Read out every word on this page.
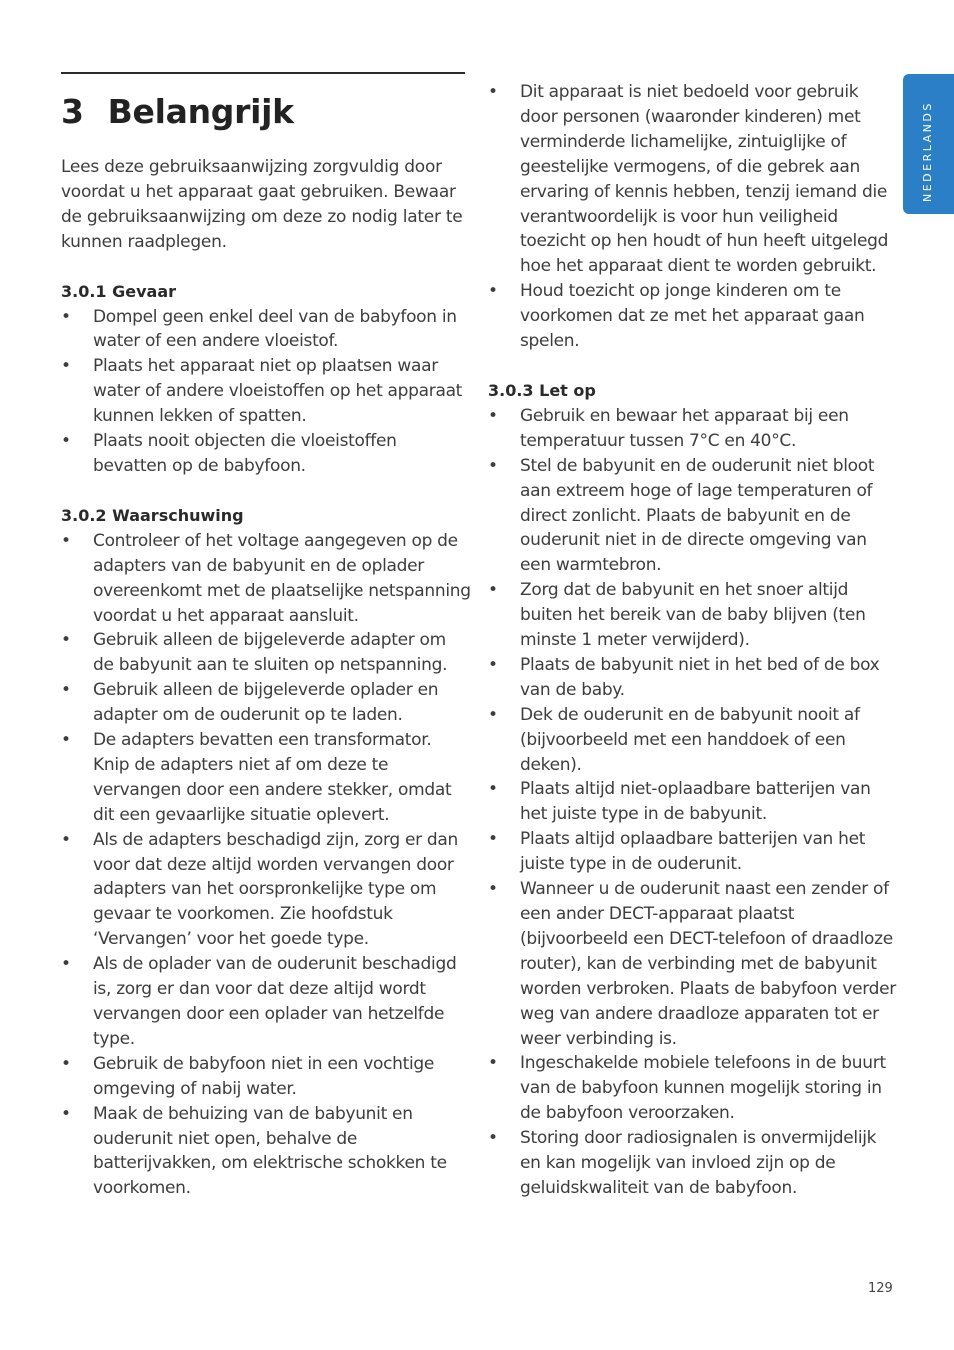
3 Belangrijk

Lees deze gebruiksaanwijzing zorgvuldig door voordat u het apparaat gaat gebruiken. Bewaar de gebruiksaanwijzing om deze zo nodig later te kunnen raadplegen.

3.0.1 Gevaar

• Dompel geen enkel deel van de babyfoon in water of een andere vloeistof.
• Plaats het apparaat niet op plaatsen waar water of andere vloeistoffen op het apparaat kunnen lekken of spatten.
• Plaats nooit objecten die vloeistoffen bevatten op de babyfoon.

3.0.2 Waarschuwing

• Controleer of het voltage aangegeven op de adapters van de babyunit en de oplader overeenkomt met de plaatselijke netspanning voordat u het apparaat aansluit.
• Gebruik alleen de bijgeleverde adapter om de babyunit aan te sluiten op netspanning.
• Gebruik alleen de bijgeleverde oplader en adapter om de ouderunit op te laden.
• De adapters bevatten een transformator. Knip de adapters niet af om deze te vervangen door een andere stekker, omdat dit een gevaarlijke situatie oplevert.
• Als de adapters beschadigd zijn, zorg er dan voor dat deze altijd worden vervangen door adapters van het oorspronkelijke type om gevaar te voorkomen. Zie hoofdstuk ‘Vervangen’ voor het goede type.
• Als de oplader van de ouderunit beschadigd is, zorg er dan voor dat deze altijd wordt vervangen door een oplader van hetzelfde type.
• Gebruik de babyfoon niet in een vochtige omgeving of nabij water.
• Maak de behuizing van de babyunit en ouderunit niet open, behalve de batterijvakken, om elektrische schokken te voorkomen.
• Dit apparaat is niet bedoeld voor gebruik door personen (waaronder kinderen) met verminderde lichamelijke, zintuiglijke of geestelijke vermogens, of die gebrek aan ervaring of kennis hebben, tenzij iemand die verantwoordelijk is voor hun veiligheid toezicht op hen houdt of hun heeft uitgelegd hoe het apparaat dient te worden gebruikt.
• Houd toezicht op jonge kinderen om te voorkomen dat ze met het apparaat gaan spelen.

3.0.3 Let op

• Gebruik en bewaar het apparaat bij een temperatuur tussen 7°C en 40°C.
• Stel de babyunit en de ouderunit niet bloot aan extreem hoge of lage temperaturen of direct zonlicht. Plaats de babyunit en de ouderunit niet in de directe omgeving van een warmtebron.
• Zorg dat de babyunit en het snoer altijd buiten het bereik van de baby blijven (ten minste 1 meter verwijderd).
• Plaats de babyunit niet in het bed of de box van de baby.
• Dek de ouderunit en de babyunit nooit af (bijvoorbeeld met een handdoek of een deken).
• Plaats altijd niet-oplaadbare batterijen van het juiste type in de babyunit.
• Plaats altijd oplaadbare batterijen van het juiste type in de ouderunit.
• Wanneer u de ouderunit naast een zender of een ander DECT-apparaat plaatst (bijvoorbeeld een DECT-telefoon of draadloze router), kan de verbinding met de babyunit worden verbroken. Plaats de babyfoon verder weg van andere draadloze apparaten tot er weer verbinding is.
• Ingeschakelde mobiele telefoons in de buurt van de babyfoon kunnen mogelijk storing in de babyfoon veroorzaken.
• Storing door radiosignalen is onvermijdelijk en kan mogelijk van invloed zijn op de geluidskwaliteit van de babyfoon.
NEDERLANDS
129
